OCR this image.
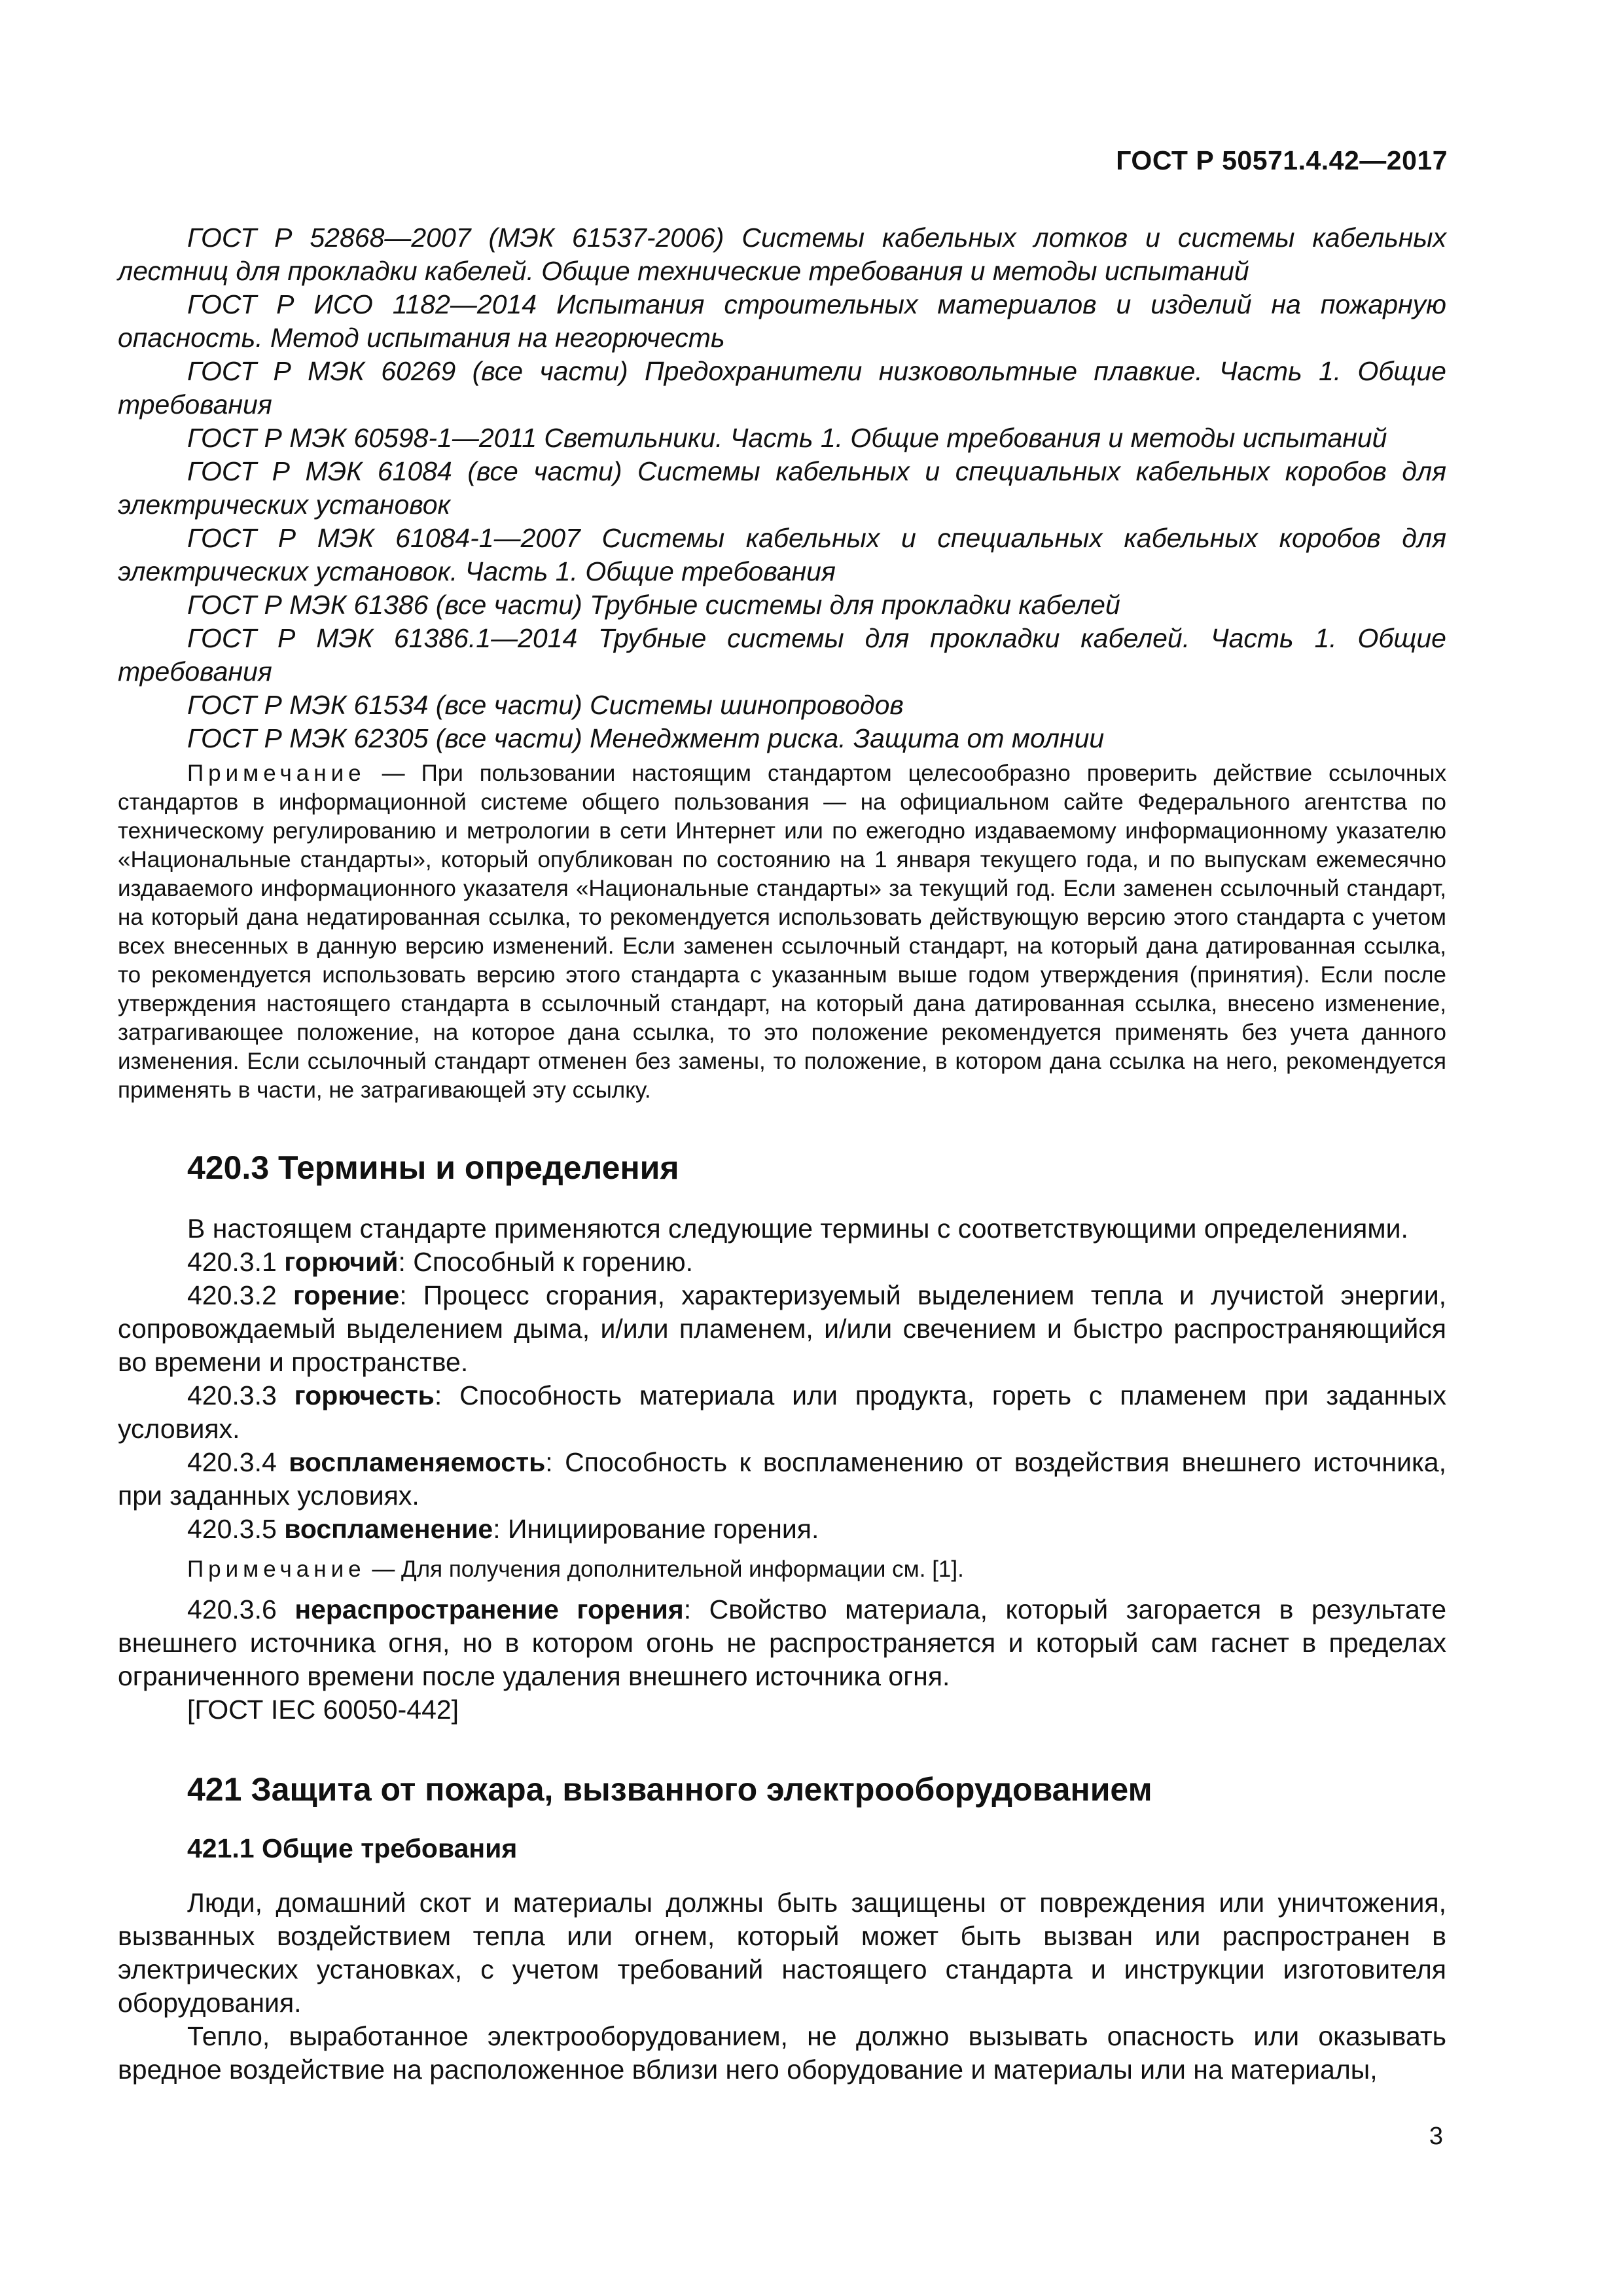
ГОСТ Р 50571.4.42—2017

ГОСТ Р 52868—2007 (МЭК 61537-2006) Системы кабельных лотков и системы кабельных лестниц для прокладки кабелей. Общие технические требования и методы испытаний

ГОСТ Р ИСО 1182—2014 Испытания строительных материалов и изделий на пожарную опасность. Метод испытания на негорючесть

ГОСТ Р МЭК 60269 (все части) Предохранители низковольтные плавкие. Часть 1. Общие требования

ГОСТ Р МЭК 60598-1—2011 Светильники. Часть 1. Общие требования и методы испытаний

ГОСТ Р МЭК 61084 (все части) Системы кабельных и специальных кабельных коробов для электрических установок

ГОСТ Р МЭК 61084-1—2007 Системы кабельных и специальных кабельных коробов для электрических установок. Часть 1. Общие требования

ГОСТ Р МЭК 61386 (все части) Трубные системы для прокладки кабелей

ГОСТ Р МЭК 61386.1—2014 Трубные системы для прокладки кабелей. Часть 1. Общие требования

ГОСТ Р МЭК 61534 (все части) Системы шинопроводов

ГОСТ Р МЭК 62305 (все части) Менеджмент риска. Защита от молнии

Примечание — При пользовании настоящим стандартом целесообразно проверить действие ссылочных стандартов в информационной системе общего пользования — на официальном сайте Федерального агентства по техническому регулированию и метрологии в сети Интернет или по ежегодно издаваемому информационному указателю «Национальные стандарты», который опубликован по состоянию на 1 января текущего года, и по выпускам ежемесячно издаваемого информационного указателя «Национальные стандарты» за текущий год. Если заменен ссылочный стандарт, на который дана недатированная ссылка, то рекомендуется использовать действующую версию этого стандарта с учетом всех внесенных в данную версию изменений. Если заменен ссылочный стандарт, на который дана датированная ссылка, то рекомендуется использовать версию этого стандарта с указанным выше годом утверждения (принятия). Если после утверждения настоящего стандарта в ссылочный стандарт, на который дана датированная ссылка, внесено изменение, затрагивающее положение, на которое дана ссылка, то это положение рекомендуется применять без учета данного изменения. Если ссылочный стандарт отменен без замены, то положение, в котором дана ссылка на него, рекомендуется применять в части, не затрагивающей эту ссылку.

420.3 Термины и определения

В настоящем стандарте применяются следующие термины с соответствующими определениями.

420.3.1 горючий: Способный к горению.

420.3.2 горение: Процесс сгорания, характеризуемый выделением тепла и лучистой энергии, сопровождаемый выделением дыма, и/или пламенем, и/или свечением и быстро распространяющийся во времени и пространстве.

420.3.3 горючесть: Способность материала или продукта, гореть с пламенем при заданных условиях.

420.3.4 воспламеняемость: Способность к воспламенению от воздействия внешнего источника, при заданных условиях.

420.3.5 воспламенение: Инициирование горения.

Примечание — Для получения дополнительной информации см. [1].

420.3.6 нераспространение горения: Свойство материала, который загорается в результате внешнего источника огня, но в котором огонь не распространяется и который сам гаснет в пределах ограниченного времени после удаления внешнего источника огня.

[ГОСТ IEC 60050-442]

421 Защита от пожара, вызванного электрооборудованием
421.1 Общие требования

Люди, домашний скот и материалы должны быть защищены от повреждения или уничтожения, вызванных воздействием тепла или огнем, который может быть вызван или распространен в электрических установках, с учетом требований настоящего стандарта и инструкции изготовителя оборудования.

Тепло, выработанное электрооборудованием, не должно вызывать опасность или оказывать вредное воздействие на расположенное вблизи него оборудование и материалы или на материалы,

3
